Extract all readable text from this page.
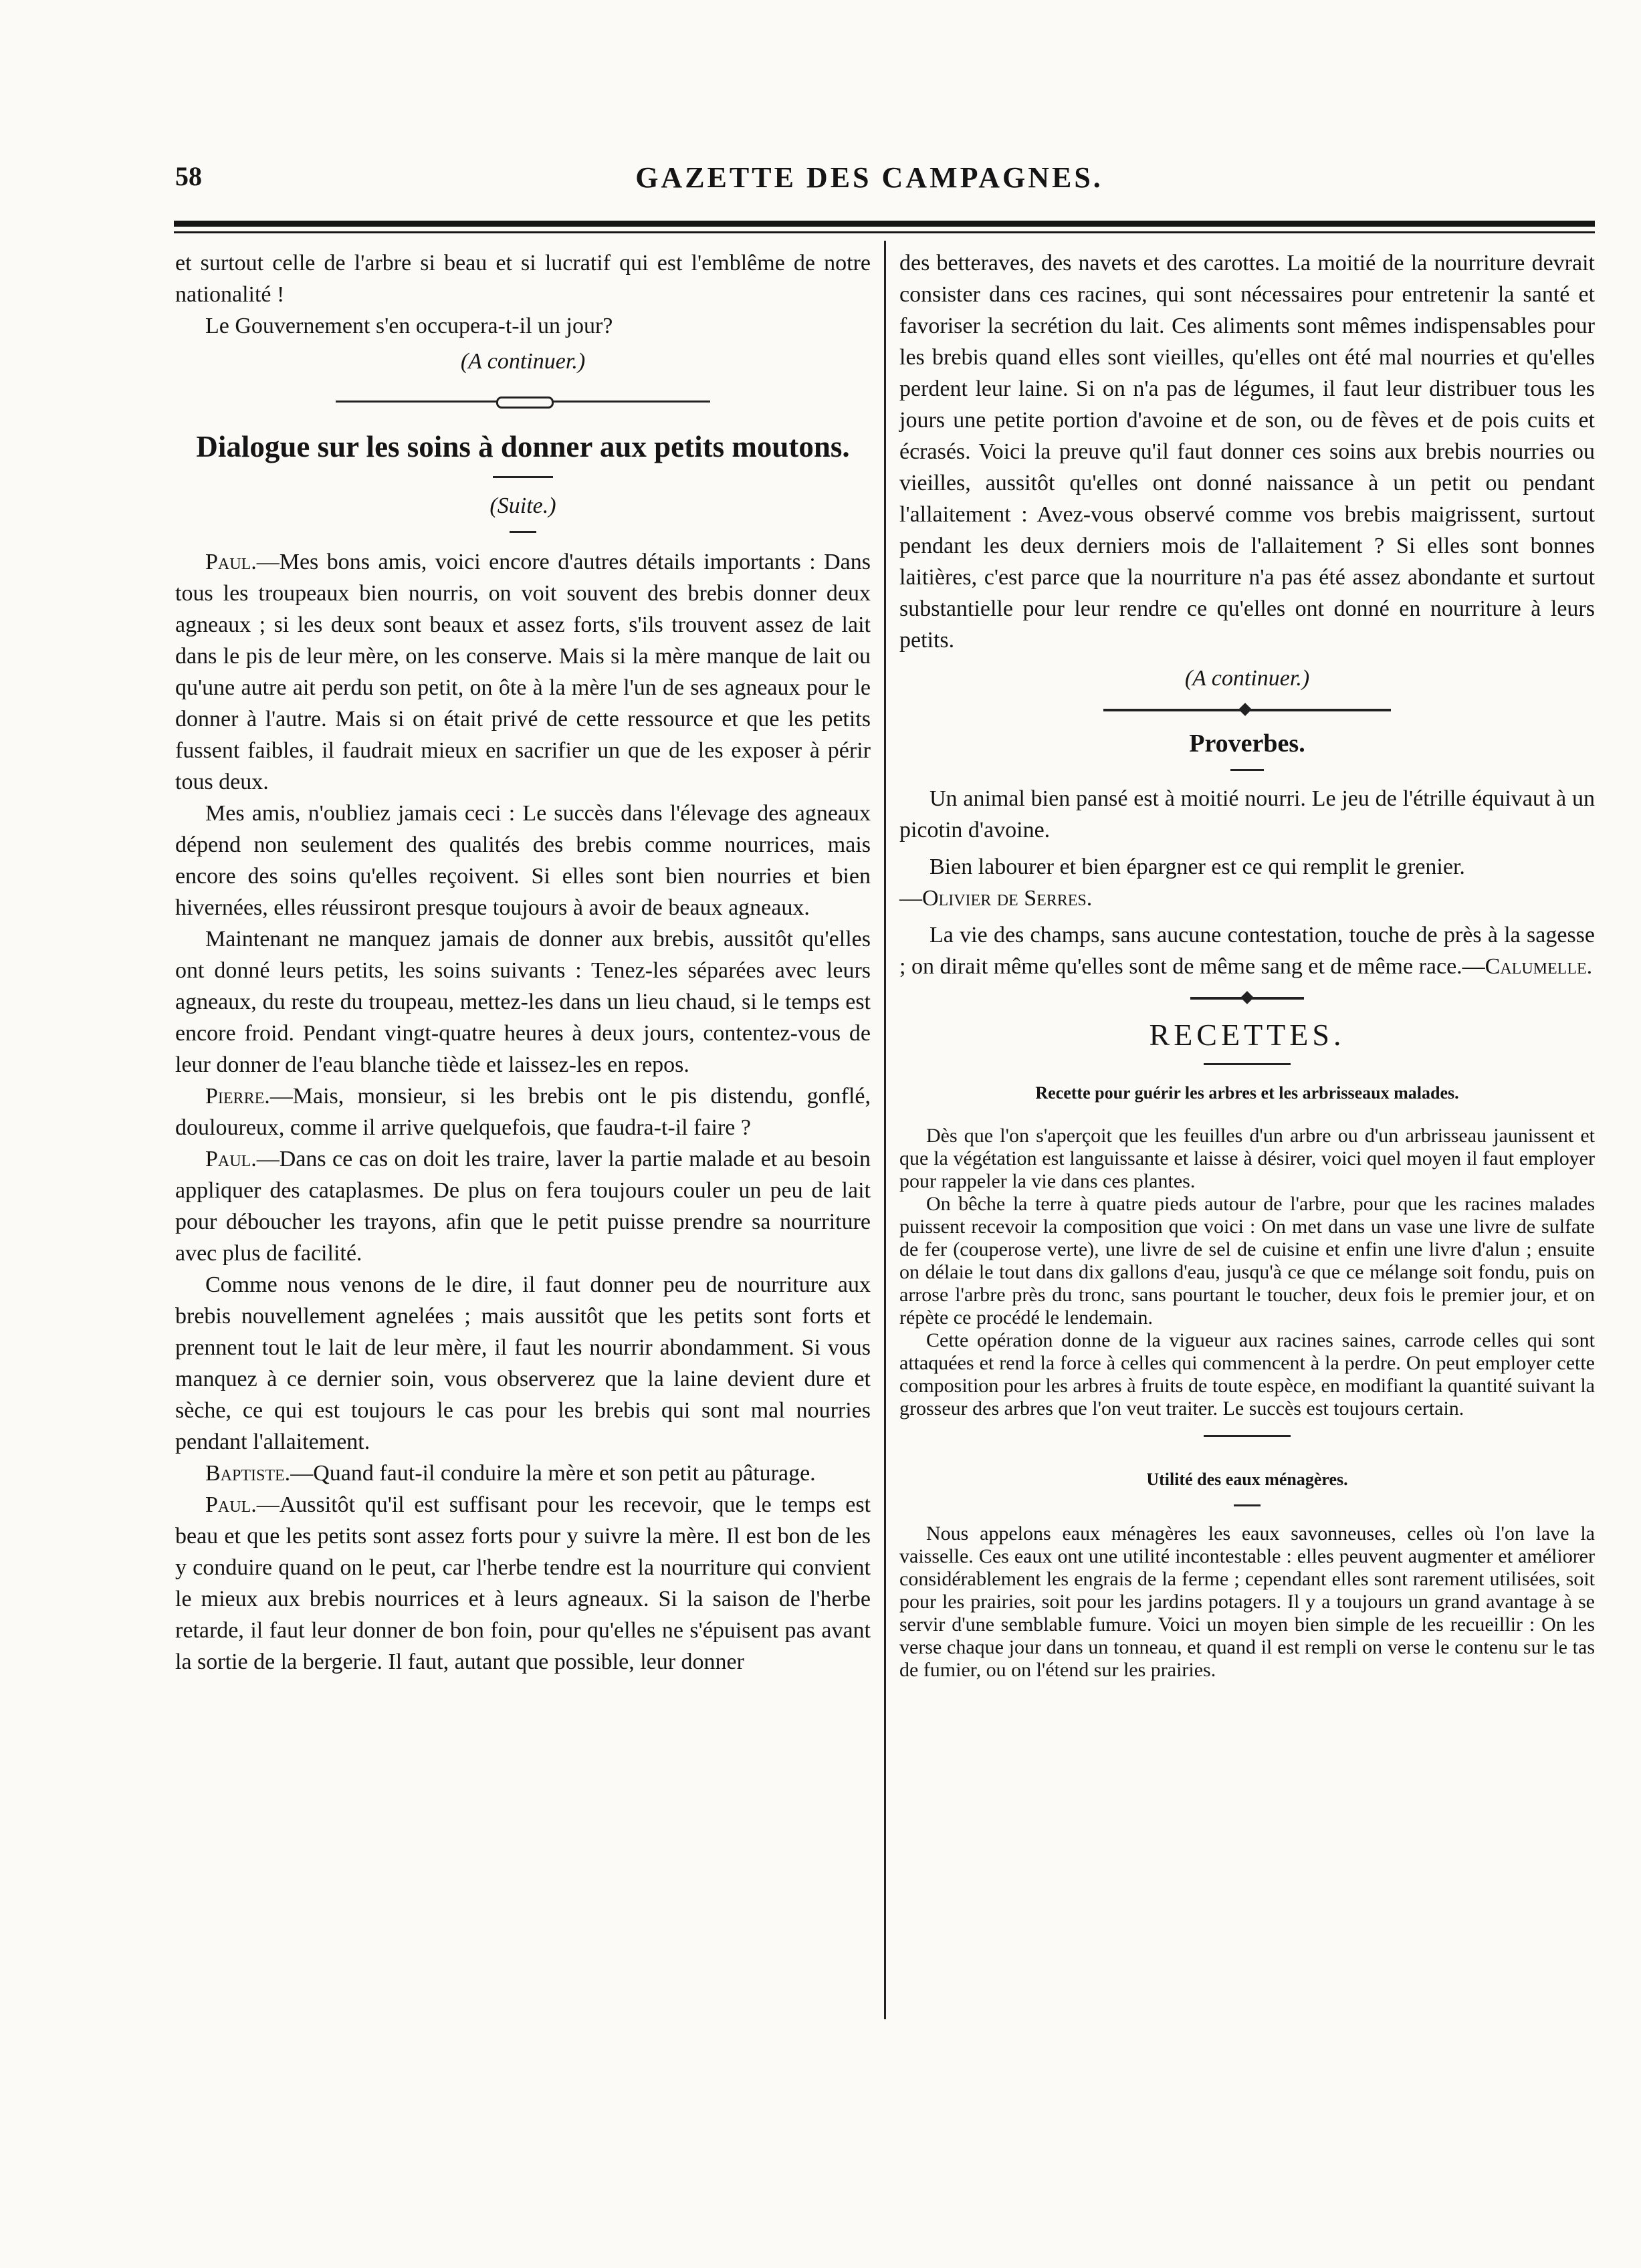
58	GAZETTE DES CAMPAGNES.

et surtout celle de l'arbre si beau et si lucratif qui est l'emblême de notre nationalité !

Le Gouvernement s'en occupera-t-il un jour?

(A continuer.)

Dialogue sur les soins à donner aux petits moutons.

(Suite.)

Paul.—Mes bons amis, voici encore d'autres détails importants : Dans tous les troupeaux bien nourris, on voit souvent des brebis donner deux agneaux ; si les deux sont beaux et assez forts, s'ils trouvent assez de lait dans le pis de leur mère, on les conserve. Mais si la mère manque de lait ou qu'une autre ait perdu son petit, on ôte à la mère l'un de ses agneaux pour le donner à l'autre. Mais si on était privé de cette ressource et que les petits fussent faibles, il faudrait mieux en sacrifier un que de les exposer à périr tous deux.

Mes amis, n'oubliez jamais ceci : Le succès dans l'élevage des agneaux dépend non seulement des qualités des brebis comme nourrices, mais encore des soins qu'elles reçoivent. Si elles sont bien nourries et bien hivernées, elles réussiront presque toujours à avoir de beaux agneaux.

Maintenant ne manquez jamais de donner aux brebis, aussitôt qu'elles ont donné leurs petits, les soins suivants : Tenez-les séparées avec leurs agneaux, du reste du troupeau, mettez-les dans un lieu chaud, si le temps est encore froid. Pendant vingt-quatre heures à deux jours, contentez-vous de leur donner de l'eau blanche tiède et laissez-les en repos.

Pierre.—Mais, monsieur, si les brebis ont le pis distendu, gonflé, douloureux, comme il arrive quelquefois, que faudra-t-il faire ?

Paul.—Dans ce cas on doit les traire, laver la partie malade et au besoin appliquer des cataplasmes. De plus on fera toujours couler un peu de lait pour déboucher les trayons, afin que le petit puisse prendre sa nourriture avec plus de facilité.

Comme nous venons de le dire, il faut donner peu de nourriture aux brebis nouvellement agnelées ; mais aussitôt que les petits sont forts et prennent tout le lait de leur mère, il faut les nourrir abondamment. Si vous manquez à ce dernier soin, vous observerez que la laine devient dure et sèche, ce qui est toujours le cas pour les brebis qui sont mal nourries pendant l'allaitement.

Baptiste.—Quand faut-il conduire la mère et son petit au pâturage.

Paul.—Aussitôt qu'il est suffisant pour les recevoir, que le temps est beau et que les petits sont assez forts pour y suivre la mère. Il est bon de les y conduire quand on le peut, car l'herbe tendre est la nourriture qui convient le mieux aux brebis nourrices et à leurs agneaux. Si la saison de l'herbe retarde, il faut leur donner de bon foin, pour qu'elles ne s'épuisent pas avant la sortie de la bergerie. Il faut, autant que possible, leur donner

des betteraves, des navets et des carottes. La moitié de la nourriture devrait consister dans ces racines, qui sont nécessaires pour entretenir la santé et favoriser la secrétion du lait. Ces aliments sont mêmes indispensables pour les brebis quand elles sont vieilles, qu'elles ont été mal nourries et qu'elles perdent leur laine. Si on n'a pas de légumes, il faut leur distribuer tous les jours une petite portion d'avoine et de son, ou de fèves et de pois cuits et écrasés. Voici la preuve qu'il faut donner ces soins aux brebis nourries ou vieilles, aussitôt qu'elles ont donné naissance à un petit ou pendant l'allaitement : Avez-vous observé comme vos brebis maigrissent, surtout pendant les deux derniers mois de l'allaitement ? Si elles sont bonnes laitières, c'est parce que la nourriture n'a pas été assez abondante et surtout substantielle pour leur rendre ce qu'elles ont donné en nourriture à leurs petits.

(A continuer.)

Proverbes.

Un animal bien pansé est à moitié nourri. Le jeu de l'étrille équivaut à un picotin d'avoine.

Bien labourer et bien épargner est ce qui remplit le grenier.

—Olivier de Serres.

La vie des champs, sans aucune contestation, touche de près à la sagesse ; on dirait même qu'elles sont de même sang et de même race.—Calumelle.

RECETTES.

Recette pour guérir les arbres et les arbrisseaux malades.

Dès que l'on s'aperçoit que les feuilles d'un arbre ou d'un arbrisseau jaunissent et que la végétation est languissante et laisse à désirer, voici quel moyen il faut employer pour rappeler la vie dans ces plantes.

On bêche la terre à quatre pieds autour de l'arbre, pour que les racines malades puissent recevoir la composition que voici : On met dans un vase une livre de sulfate de fer (couperose verte), une livre de sel de cuisine et enfin une livre d'alun ; ensuite on délaie le tout dans dix gallons d'eau, jusqu'à ce que ce mélange soit fondu, puis on arrose l'arbre près du tronc, sans pourtant le toucher, deux fois le premier jour, et on répète ce procédé le lendemain.

Cette opération donne de la vigueur aux racines saines, carrode celles qui sont attaquées et rend la force à celles qui commencent à la perdre. On peut employer cette composition pour les arbres à fruits de toute espèce, en modifiant la quantité suivant la grosseur des arbres que l'on veut traiter. Le succès est toujours certain.

Utilité des eaux ménagères.

Nous appelons eaux ménagères les eaux savonneuses, celles où l'on lave la vaisselle. Ces eaux ont une utilité incontestable : elles peuvent augmenter et améliorer considérablement les engrais de la ferme ; cependant elles sont rarement utilisées, soit pour les prairies, soit pour les jardins potagers. Il y a toujours un grand avantage à se servir d'une semblable fumure. Voici un moyen bien simple de les recueillir : On les verse chaque jour dans un tonneau, et quand il est rempli on verse le contenu sur le tas de fumier, ou on l'étend sur les prairies.
